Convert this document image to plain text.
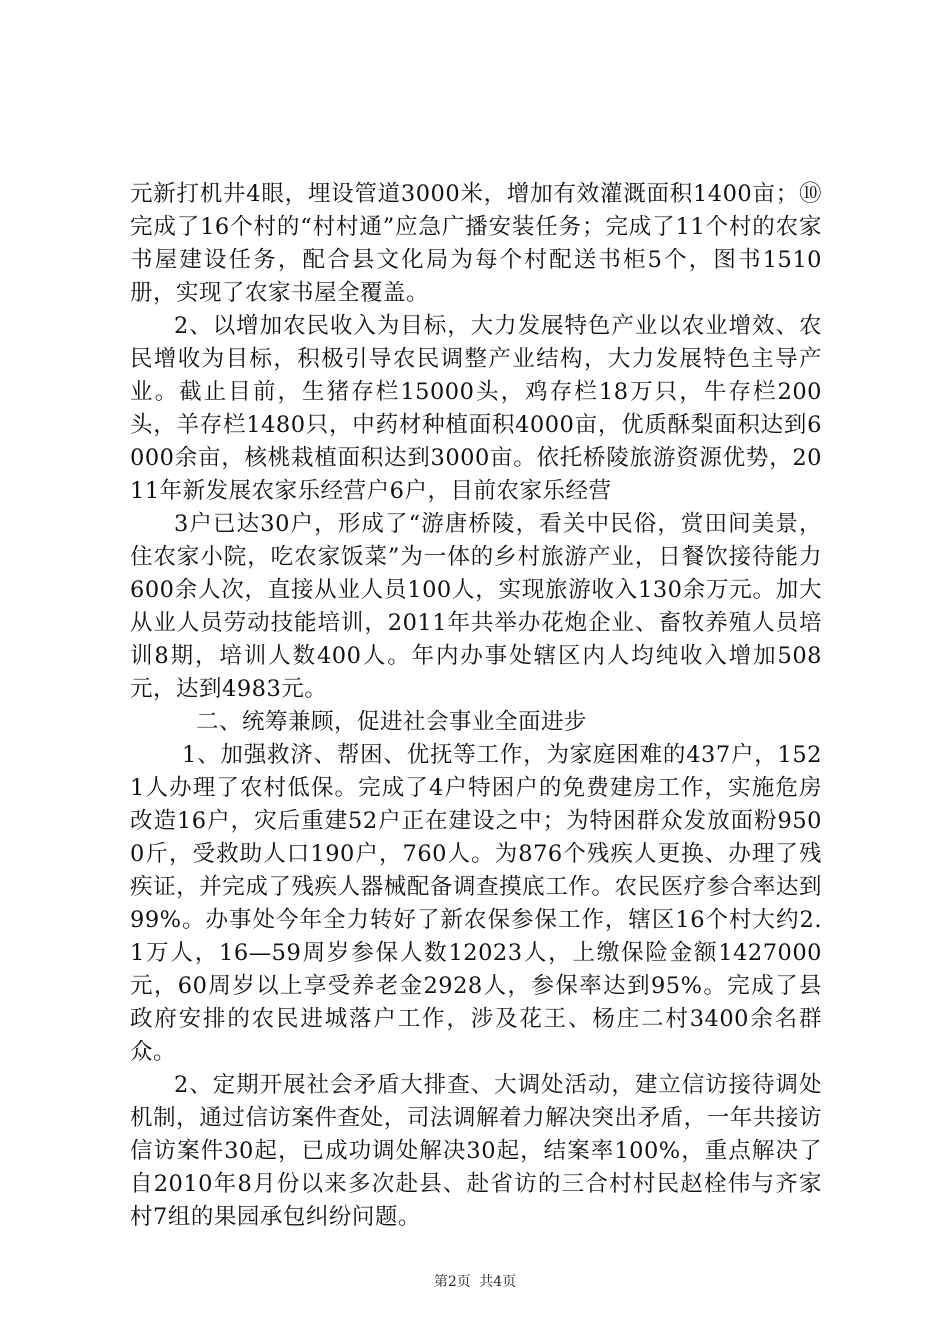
元新打机井4眼，埋设管道3000米，增加有效灌溉面积1400亩；⑩完成了16个村的“村村通”应急广播安装任务；完成了11个村的农家书屋建设任务，配合县文化局为每个村配送书柜5个，图书1510册，实现了农家书屋全覆盖。

2、以增加农民收入为目标，大力发展特色产业以农业增效、农民增收为目标，积极引导农民调整产业结构，大力发展特色主导产业。截止目前，生猪存栏15000头，鸡存栏18万只，牛存栏200头，羊存栏1480只，中药材种植面积4000亩，优质酥梨面积达到6000余亩，核桃栽植面积达到3000亩。依托桥陵旅游资源优势，2011年新发展农家乐经营户6户，目前农家乐经营

3户已达30户，形成了“游唐桥陵，看关中民俗，赏田间美景，住农家小院，吃农家饭菜”为一体的乡村旅游产业，日餐饮接待能力600余人次，直接从业人员100人，实现旅游收入130余万元。加大从业人员劳动技能培训，2011年共举办花炮企业、畜牧养殖人员培训8期，培训人数400人。年内办事处辖区内人均纯收入增加508元，达到4983元。

二、统筹兼顾，促进社会事业全面进步

1、加强救济、帮困、优抚等工作，为家庭困难的437户，1521人办理了农村低保。完成了4户特困户的免费建房工作，实施危房改造16户，灾后重建52户正在建设之中；为特困群众发放面粉9500斤，受救助人口190户，760人。为876个残疾人更换、办理了残疾证，并完成了残疾人器械配备调查摸底工作。农民医疗参合率达到99%。办事处今年全力转好了新农保参保工作，辖区16个村大约2.1万人，16—59周岁参保人数12023人，上缴保险金额1427000元，60周岁以上享受养老金2928人，参保率达到95%。完成了县政府安排的农民进城落户工作，涉及花王、杨庄二村3400余名群众。

2、定期开展社会矛盾大排查、大调处活动，建立信访接待调处机制，通过信访案件查处，司法调解着力解决突出矛盾，一年共接访信访案件30起，已成功调处解决30起，结案率100%，重点解决了自2010年8月份以来多次赴县、赴省访的三合村村民赵栓伟与齐家村7组的果园承包纠纷问题。

第2页 共4页
